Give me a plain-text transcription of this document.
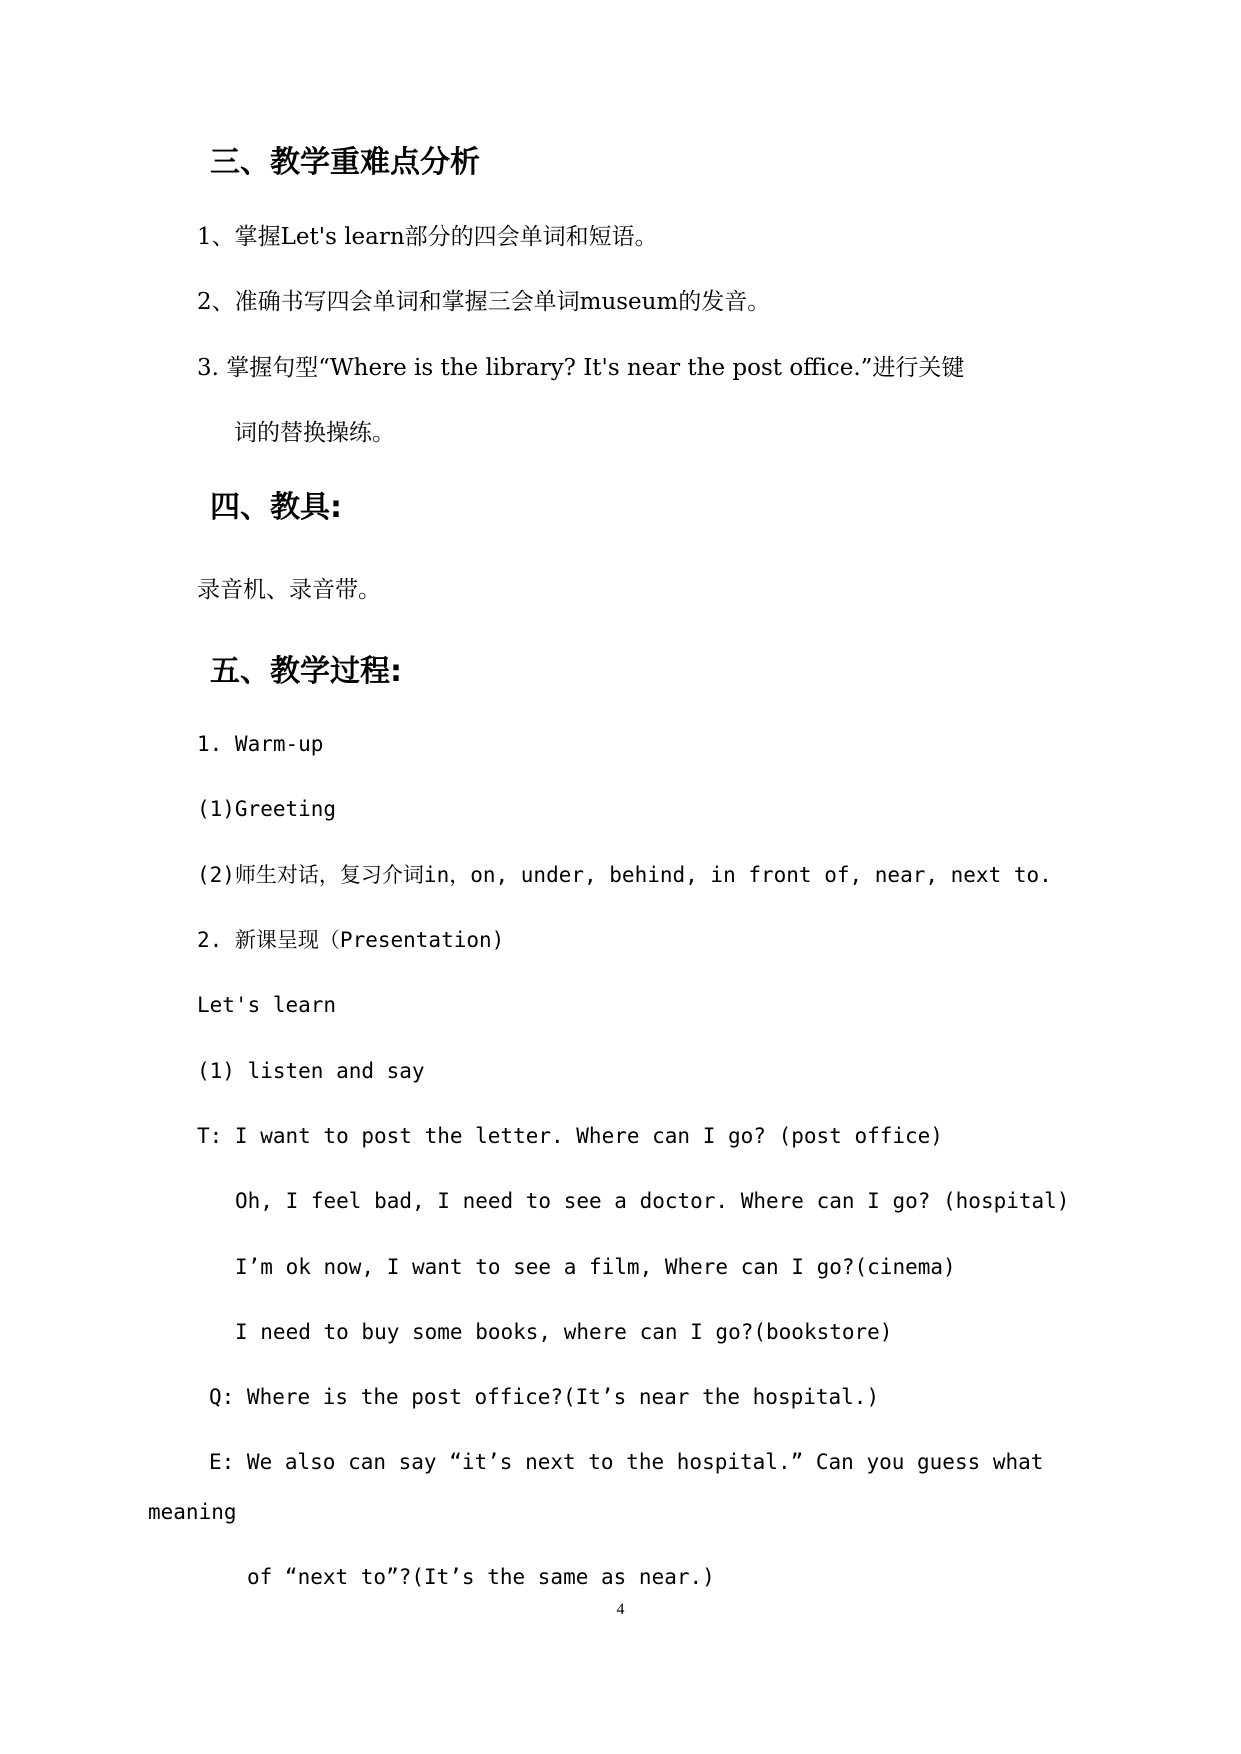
三、教学重难点分析
1、掌握Let's learn部分的四会单词和短语。
2、准确书写四会单词和掌握三会单词museum的发音。
3. 掌握句型“Where is the library? It's near the post office.”进行关键
词的替换操练。
四、教具:
录音机、录音带。
五、教学过程:
1. Warm-up
(1)Greeting
(2)师生对话，复习介词in，on, under, behind, in front of, near, next to.
2. 新课呈现（Presentation)
Let's learn
(1) listen and say
T: I want to post the letter. Where can I go? (post office)
Oh, I feel bad, I need to see a doctor. Where can I go? (hospital)
I’m ok now, I want to see a film, Where can I go?(cinema)
I need to buy some books, where can I go?(bookstore)
Q: Where is the post office?(It’s near the hospital.)
E: We also can say “it’s next to the hospital.” Can you guess what
meaning
of “next to”?(It’s the same as near.)
4
